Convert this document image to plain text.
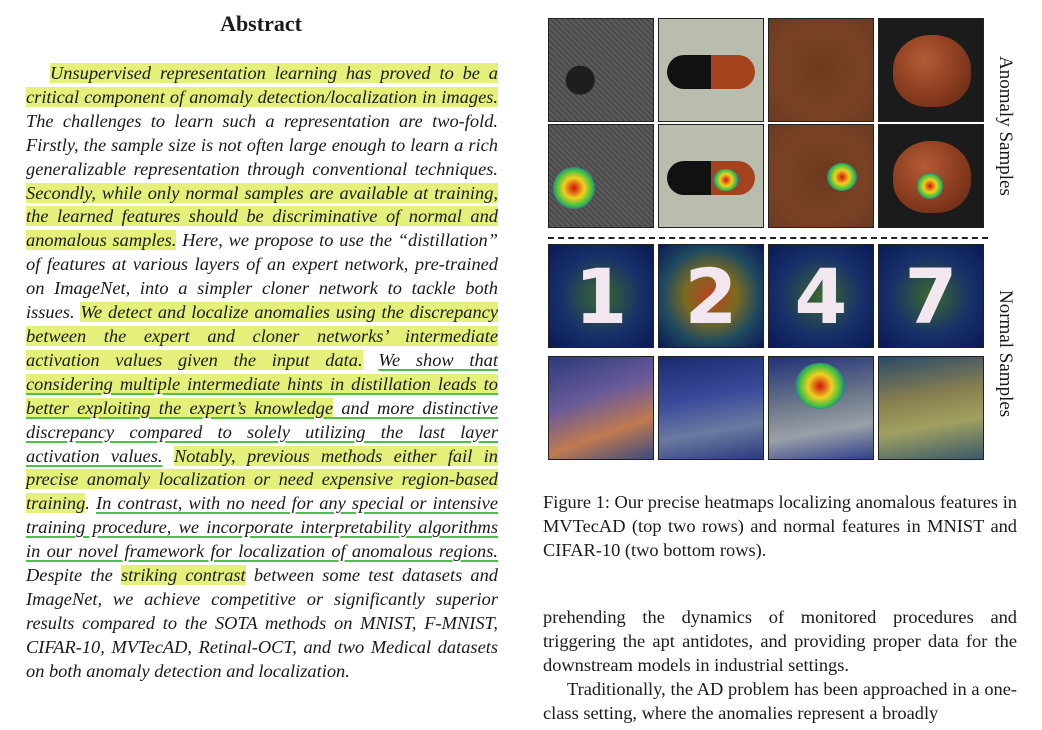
Abstract

Unsupervised representation learning has proved to be a critical component of anomaly detection/localization in images. The challenges to learn such a representation are two-fold. Firstly, the sample size is not often large enough to learn a rich generalizable representation through conventional techniques. Secondly, while only normal samples are available at training, the learned features should be discriminative of normal and anomalous samples. Here, we propose to use the “distillation” of features at various layers of an expert network, pre-trained on ImageNet, into a simpler cloner network to tackle both issues. We detect and localize anomalies using the discrepancy between the expert and cloner networks’ intermediate activation values given the input data. We show that considering multiple intermediate hints in distillation leads to better exploiting the expert’s knowledge and more distinctive discrepancy compared to solely utilizing the last layer activation values. Notably, previous methods either fail in precise anomaly localization or need expensive region-based training. In contrast, with no need for any special or intensive training procedure, we incorporate interpretability algorithms in our novel framework for localization of anomalous regions. Despite the striking contrast between some test datasets and ImageNet, we achieve competitive or significantly superior results compared to the SOTA methods on MNIST, F-MNIST, CIFAR-10, MVTecAD, Retinal-OCT, and two Medical datasets on both anomaly detection and localization.

1 2 4 7
Anomaly Samples
Normal Samples
Figure 1: Our precise heatmaps localizing anomalous features in MVTecAD (top two rows) and normal features in MNIST and CIFAR-10 (two bottom rows).

prehending the dynamics of monitored procedures and triggering the apt antidotes, and providing proper data for the downstream models in industrial settings.

Traditionally, the AD problem has been approached in a one-class setting, where the anomalies represent a broadly
